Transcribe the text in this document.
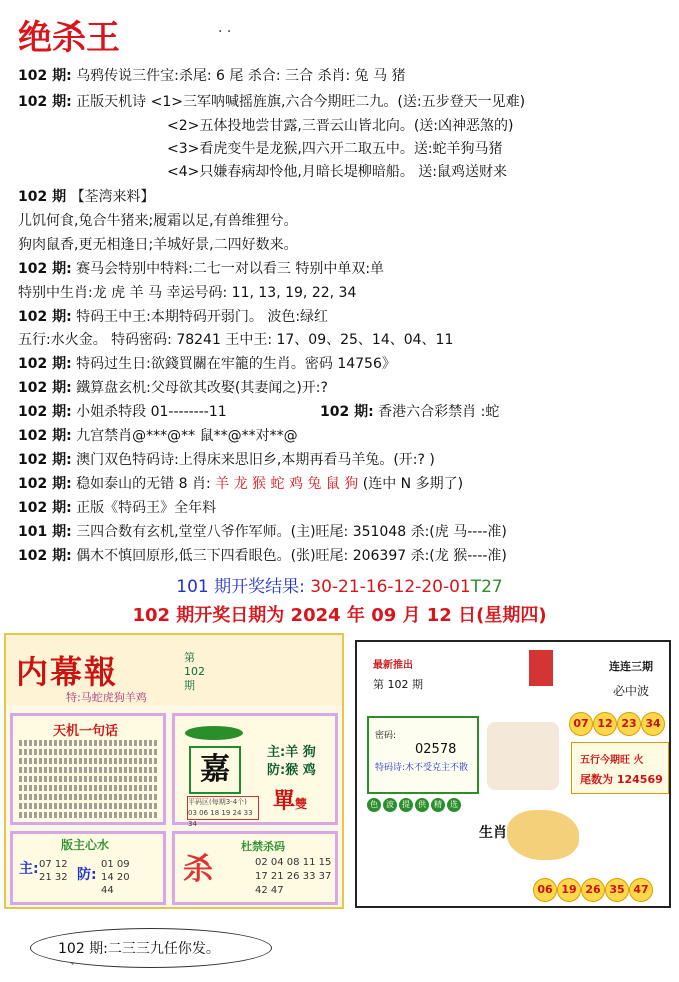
绝杀王	. .
102 期: 乌鸦传说三件宝:杀尾: 6 尾 杀合: 三合 杀肖: 兔 马 猪
102 期: 正版天机诗 <1>三军呐喊摇旌旗,六合今期旺二九。(送:五步登天一见难)
<2>五体投地尝甘露,三晋云山皆北向。(送:凶神恶煞的)
<3>看虎变牛是龙猴,四六开二取五中。送:蛇羊狗马猪
<4>只嫌春病却怜他,月暗长堤柳暗船。 送:鼠鸡送财来
102 期 【荃湾来料】
儿饥何食,兔合牛猪来;履霜以足,有兽维狸兮。
狗肉鼠香,更无相逢日;羊城好景,二四好数来。
102 期: 赛马会特别中特料:二七一对以看三 特别中单双:单
特别中生肖:龙 虎 羊 马 幸运号码: 11, 13, 19, 22, 34
102 期: 特码王中王:本期特码开弱门。 波色:绿红
五行:水火金。 特码密码: 78241 王中王: 17、09、25、14、04、11
102 期: 特码过生日:欲錢買關在牢籠的生肖。密码 14756》
102 期: 鐵算盘玄机:父母欲其改娶(其妻闻之)开:?
102 期: 小姐杀特段 01--------11	102 期: 香港六合彩禁肖 :蛇
102 期: 九宫禁肖@***@** 鼠**@**对**@
102 期: 澳门双色特码诗:上得床来思旧乡,本期再看马羊兔。(开:? )
102 期: 稳如泰山的无错 8 肖: 羊 龙 猴 蛇 鸡 兔 鼠 狗 (连中 N 多期了)
102 期: 正版《特码王》全年料
101 期: 三四合数有玄机,堂堂八爷作军师。(主)旺尾: 351048 杀:(虎 马----准)
102 期: 偶木不慎回原形,低三下四看眼色。(张)旺尾: 206397 杀:(龙 猴----准)
101 期开奖结果: 30-21-16-12-20-01T27
102 期开奖日期为 2024 年 09 月 12 日(星期四)
内幕報
特:马蛇虎狗羊鸡
第
102
期
天机一句话
嘉	主:羊 狗
防:猴 鸡
單雙
平码区(每期3-4个) 03 06 18 19 24 33 34
版主心水
主: 07 12 21 32 防:
01 09 14 20 44
杀
杜禁杀码
02 04 08 11 15 17 21 26 33 37 42 47
最新推出
第 102 期
连连三期
必中波
密码:
02578
特码诗:木不受克主不散
07 12 23 34
五行今期旺 火
尾数为 124569
色	波	提	供	精	选
生肖
06 19 26 35 47
102 期:二三三九任你发。
˅
